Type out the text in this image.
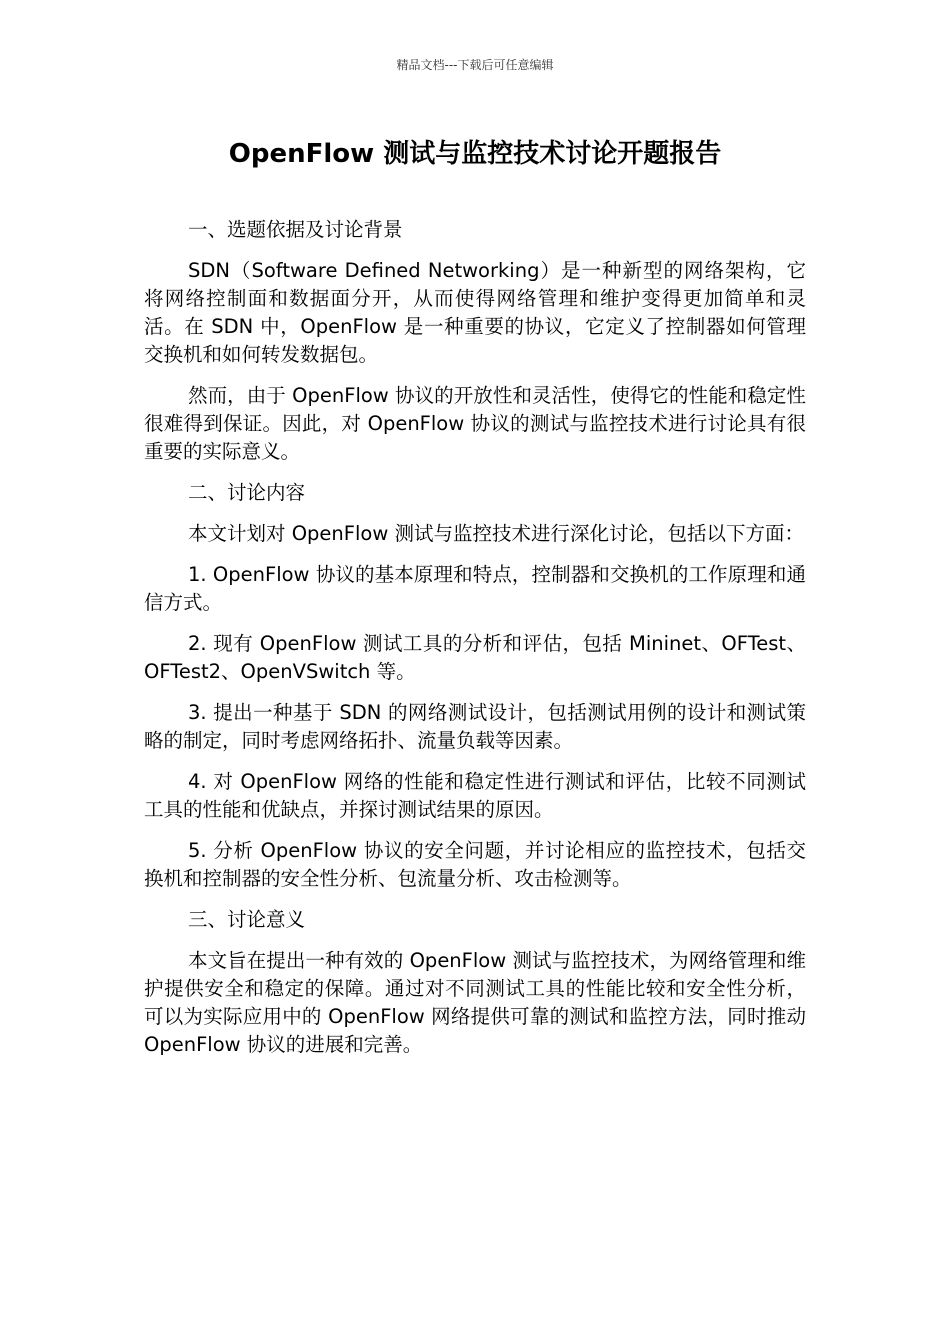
精品文档---下载后可任意编辑
OpenFlow 测试与监控技术讨论开题报告

一、选题依据及讨论背景

SDN（Software Defined Networking）是一种新型的网络架构，它将网络控制面和数据面分开，从而使得网络管理和维护变得更加简单和灵活。在 SDN 中，OpenFlow 是一种重要的协议，它定义了控制器如何管理交换机和如何转发数据包。

然而，由于 OpenFlow 协议的开放性和灵活性，使得它的性能和稳定性很难得到保证。因此，对 OpenFlow 协议的测试与监控技术进行讨论具有很重要的实际意义。

二、讨论内容

本文计划对 OpenFlow 测试与监控技术进行深化讨论，包括以下方面：

1. OpenFlow 协议的基本原理和特点，控制器和交换机的工作原理和通信方式。

2. 现有 OpenFlow 测试工具的分析和评估，包括 Mininet、OFTest、OFTest2、OpenVSwitch 等。

3. 提出一种基于 SDN 的网络测试设计，包括测试用例的设计和测试策略的制定，同时考虑网络拓扑、流量负载等因素。

4. 对 OpenFlow 网络的性能和稳定性进行测试和评估，比较不同测试工具的性能和优缺点，并探讨测试结果的原因。

5. 分析 OpenFlow 协议的安全问题，并讨论相应的监控技术，包括交换机和控制器的安全性分析、包流量分析、攻击检测等。

三、讨论意义

本文旨在提出一种有效的 OpenFlow 测试与监控技术，为网络管理和维护提供安全和稳定的保障。通过对不同测试工具的性能比较和安全性分析，可以为实际应用中的 OpenFlow 网络提供可靠的测试和监控方法，同时推动 OpenFlow 协议的进展和完善。
